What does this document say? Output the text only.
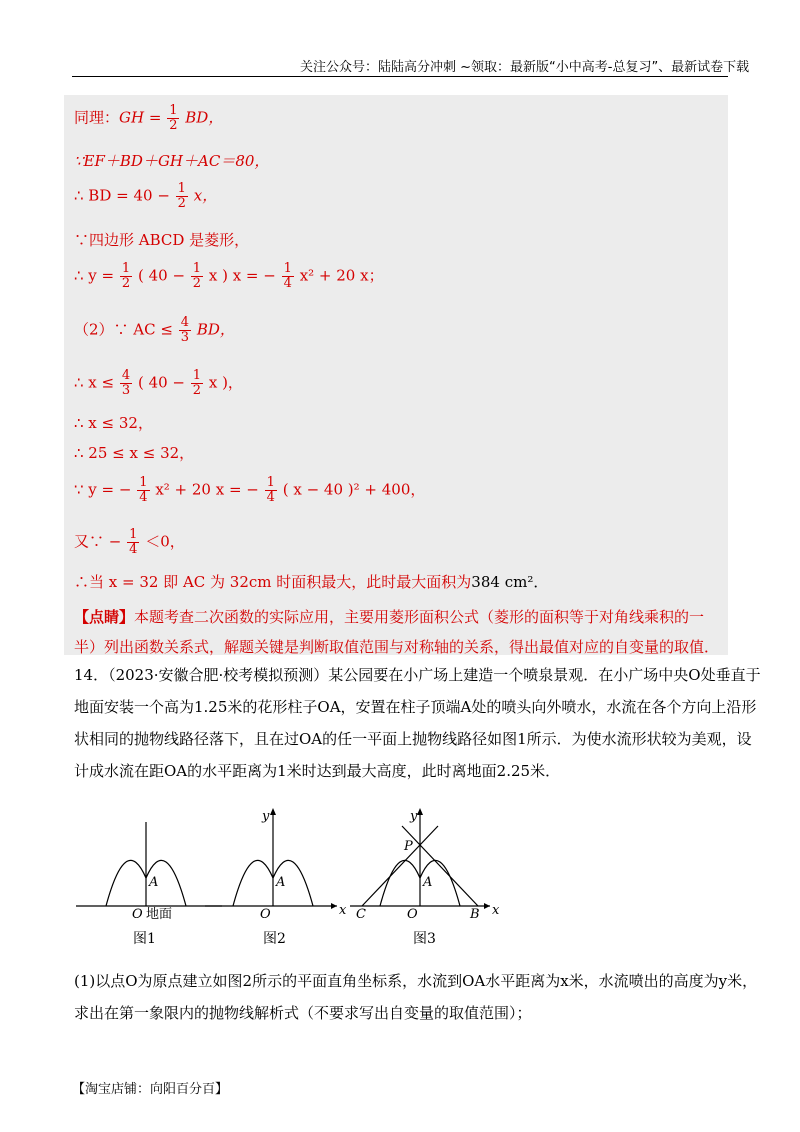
关注公众号：陆陆高分冲刺 ~领取：最新版“小中高考-总复习”、最新试卷下载
同理：GH = $\frac{1}{2}$ BD，
∵EF＋BD＋GH＋AC＝80，
∴ BD = $40 - \frac{1}{2}$ x，
∵四边形 ABCD 是菱形，
∴ $y = \frac{1}{2}$ ( $40 - \frac{1}{2}$ x ) x = − $\frac{1}{4} x^2 + 20$ x；
（2）∵ AC ≤ $\frac{4}{3}$ BD，
∴ $x \le \frac{4}{3}$ ( $40 - \frac{1}{2}$ x )，
∴ x ≤ 32，
∴ 25 ≤ x ≤ 32，
∵ y = − $\frac{1}{4} x^2 + 20$ x = − $\frac{1}{4}$ ( x − 40 )² + 400，
又∵ − $\frac{1}{4} <0$，
∴当 x = 32 即 AC 为 32cm 时面积最大，此时最大面积为384 cm²．
【点睛】本题考查二次函数的实际应用，主要用菱形面积公式（菱形的面积等于对角线乘积的一半）列出函数关系式，解题关键是判断取值范围与对称轴的关系，得出最值对应的自变量的取值．
14．（2023·安徽合肥·校考模拟预测）某公园要在小广场上建造一个喷泉景观．在小广场中央O处垂直于
地面安装一个高为1.25米的花形柱子OA，安置在柱子顶端A处的喷头向外喷水，水流在各个方向上沿形
状相同的抛物线路径落下，且在过OA的任一平面上抛物线路径如图1所示．为使水流形状较为美观，设
计成水流在距OA的水平距离为1米时达到最大高度，此时离地面2.25米．
A
O 地面
图1
y
x
A
O
图2
y
x
P
A
O
C	B
图3
(1)以点O为原点建立如图2所示的平面直角坐标系，水流到OA水平距离为x米，水流喷出的高度为y米，
求出在第一象限内的抛物线解析式（不要求写出自变量的取值范围）；
【淘宝店铺：向阳百分百】
